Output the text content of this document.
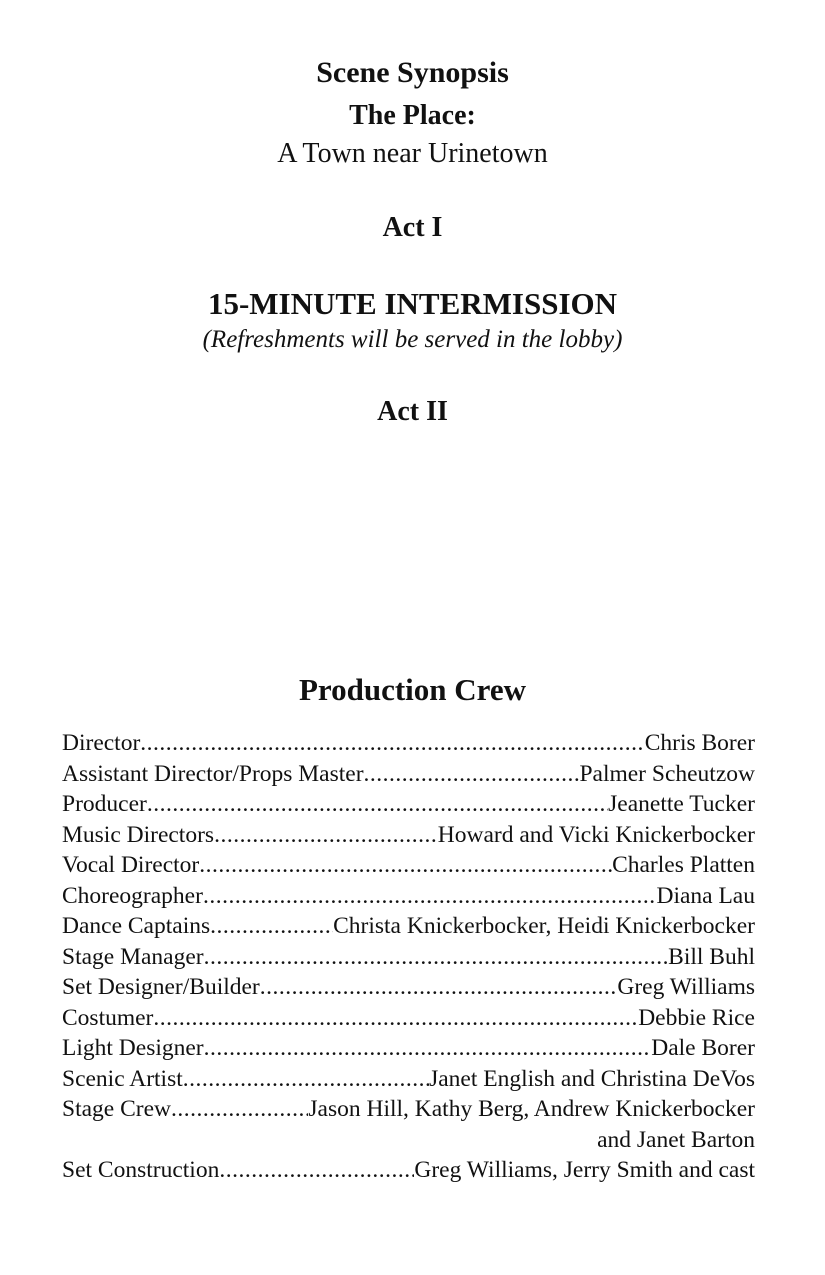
Scene Synopsis
The Place:
A Town near Urinetown
Act I
15-MINUTE INTERMISSION
(Refreshments will be served in the lobby)
Act II
Production Crew
Director .....	Chris Borer
Assistant Director/Props Master .....	Palmer Scheutzow
Producer .....	Jeanette Tucker
Music Directors .....	Howard and Vicki Knickerbocker
Vocal Director .....	Charles Platten
Choreographer .....	Diana Lau
Dance Captains .....	Christa Knickerbocker, Heidi Knickerbocker
Stage Manager .....	Bill Buhl
Set Designer/Builder .....	Greg Williams
Costumer .....	Debbie Rice
Light Designer .....	Dale Borer
Scenic Artist .....	Janet English and Christina DeVos
Stage Crew .....	Jason Hill, Kathy Berg, Andrew Knickerbocker
and Janet Barton
Set Construction .....	Greg Williams, Jerry Smith and cast
